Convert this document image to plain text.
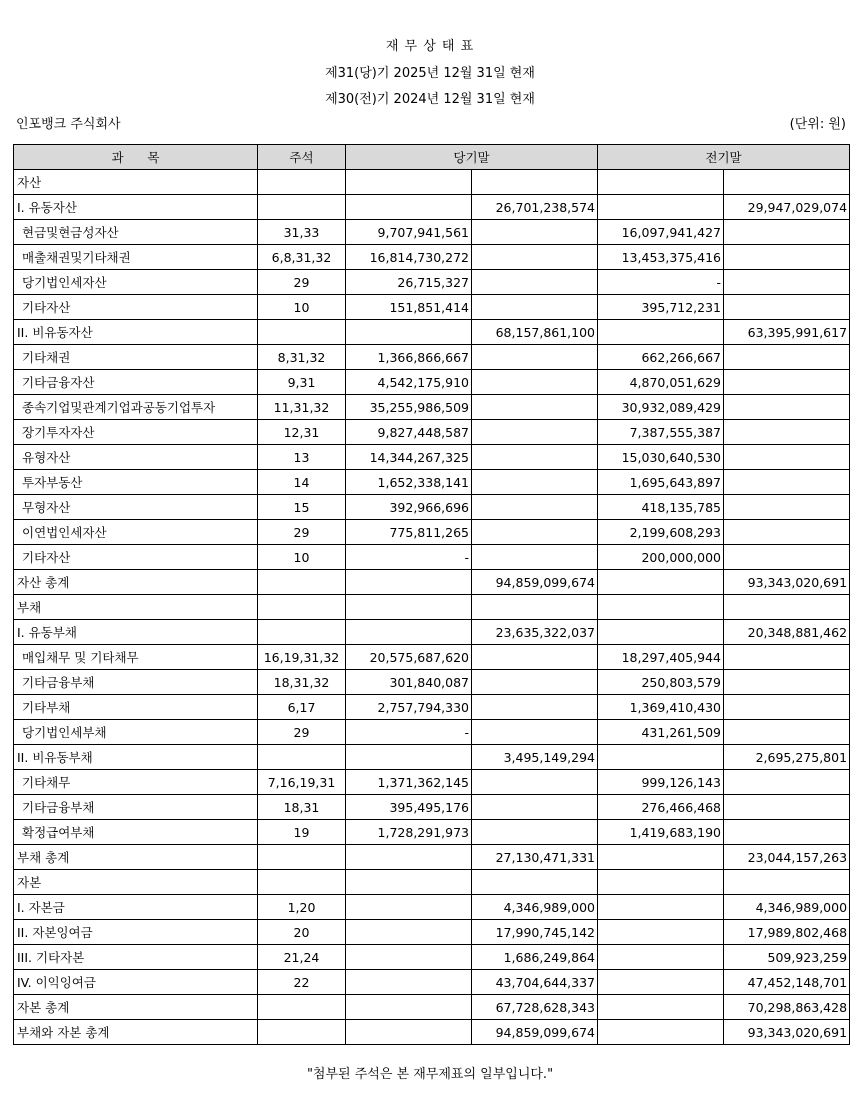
재 무 상 태 표
제31(당)기 2025년 12월 31일 현재
제30(전)기 2024년 12월 31일 현재
인포뱅크 주식회사	(단위: 원)
과      목	주석	당기말		전기말	
자산					
I. 유동자산			26,701,238,574		29,947,029,074
현금및현금성자산	31,33	9,707,941,561		16,097,941,427	
매출채권및기타채권	6,8,31,32	16,814,730,272		13,453,375,416	
당기법인세자산	29	26,715,327		-	
기타자산	10	151,851,414		395,712,231	
II. 비유동자산			68,157,861,100		63,395,991,617
기타채권	8,31,32	1,366,866,667		662,266,667	
기타금융자산	9,31	4,542,175,910		4,870,051,629	
종속기업및관계기업과공동기업투자	11,31,32	35,255,986,509		30,932,089,429	
장기투자자산	12,31	9,827,448,587		7,387,555,387	
유형자산	13	14,344,267,325		15,030,640,530	
투자부동산	14	1,652,338,141		1,695,643,897	
무형자산	15	392,966,696		418,135,785	
이연법인세자산	29	775,811,265		2,199,608,293	
기타자산	10	-		200,000,000	
자산 총계			94,859,099,674		93,343,020,691
부채					
I. 유동부채			23,635,322,037		20,348,881,462
매입채무 및 기타채무	16,19,31,32	20,575,687,620		18,297,405,944	
기타금융부채	18,31,32	301,840,087		250,803,579	
기타부채	6,17	2,757,794,330		1,369,410,430	
당기법인세부채	29	-		431,261,509	
II. 비유동부채			3,495,149,294		2,695,275,801
기타채무	7,16,19,31	1,371,362,145		999,126,143	
기타금융부채	18,31	395,495,176		276,466,468	
확정급여부채	19	1,728,291,973		1,419,683,190	
부채 총계			27,130,471,331		23,044,157,263
자본					
I. 자본금	1,20		4,346,989,000		4,346,989,000
II. 자본잉여금	20		17,990,745,142		17,989,802,468
III. 기타자본	21,24		1,686,249,864		509,923,259
IV. 이익잉여금	22		43,704,644,337		47,452,148,701
자본 총계			67,728,628,343		70,298,863,428
부채와 자본 총계			94,859,099,674		93,343,020,691
"첨부된 주석은 본 재무제표의 일부입니다."
